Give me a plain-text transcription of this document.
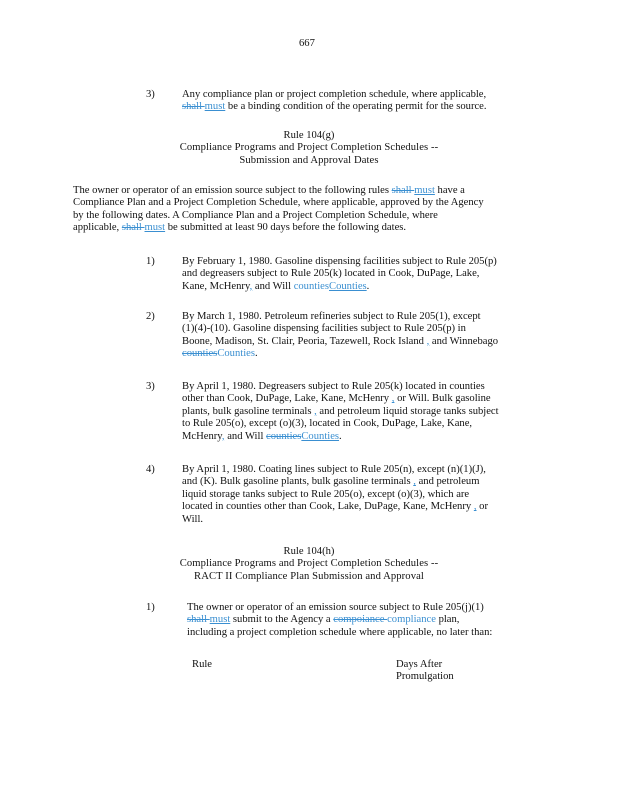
667
3)	Any compliance plan or project completion schedule, where applicable,
shall must be a binding condition of the operating permit for the source.
Rule 104(g)
Compliance Programs and Project Completion Schedules --
Submission and Approval Dates
The owner or operator of an emission source subject to the following rules shall must have a
Compliance Plan and a Project Completion Schedule, where applicable, approved by the Agency
by the following dates. A Compliance Plan and a Project Completion Schedule, where
applicable, shall must be submitted at least 90 days before the following dates.
1)	By February 1, 1980. Gasoline dispensing facilities subject to Rule 205(p)
and degreasers subject to Rule 205(k) located in Cook, DuPage, Lake,
Kane, McHenry, and Will countiesCounties.
2)	By March 1, 1980. Petroleum refineries subject to Rule 205(1), except
(1)(4)-(10). Gasoline dispensing facilities subject to Rule 205(p) in
Boone, Madison, St. Clair, Peoria, Tazewell, Rock Island , and Winnebago
countiesCounties.
3)	By April 1, 1980. Degreasers subject to Rule 205(k) located in counties
other than Cook, DuPage, Lake, Kane, McHenry , or Will. Bulk gasoline
plants, bulk gasoline terminals , and petroleum liquid storage tanks subject
to Rule 205(o), except (o)(3), located in Cook, DuPage, Lake, Kane,
McHenry, and Will countiesCounties.
4)	By April 1, 1980. Coating lines subject to Rule 205(n), except (n)(1)(J),
and (K). Bulk gasoline plants, bulk gasoline terminals , and petroleum
liquid storage tanks subject to Rule 205(o), except (o)(3), which are
located in counties other than Cook, Lake, DuPage, Kane, McHenry , or
Will.
Rule 104(h)
Compliance Programs and Project Completion Schedules --
RACT II Compliance Plan Submission and Approval
1)	The owner or operator of an emission source subject to Rule 205(j)(1)
shall must submit to the Agency a compoiance compliance plan,
including a project completion schedule where applicable, no later than:
Rule	Days After
Promulgation
